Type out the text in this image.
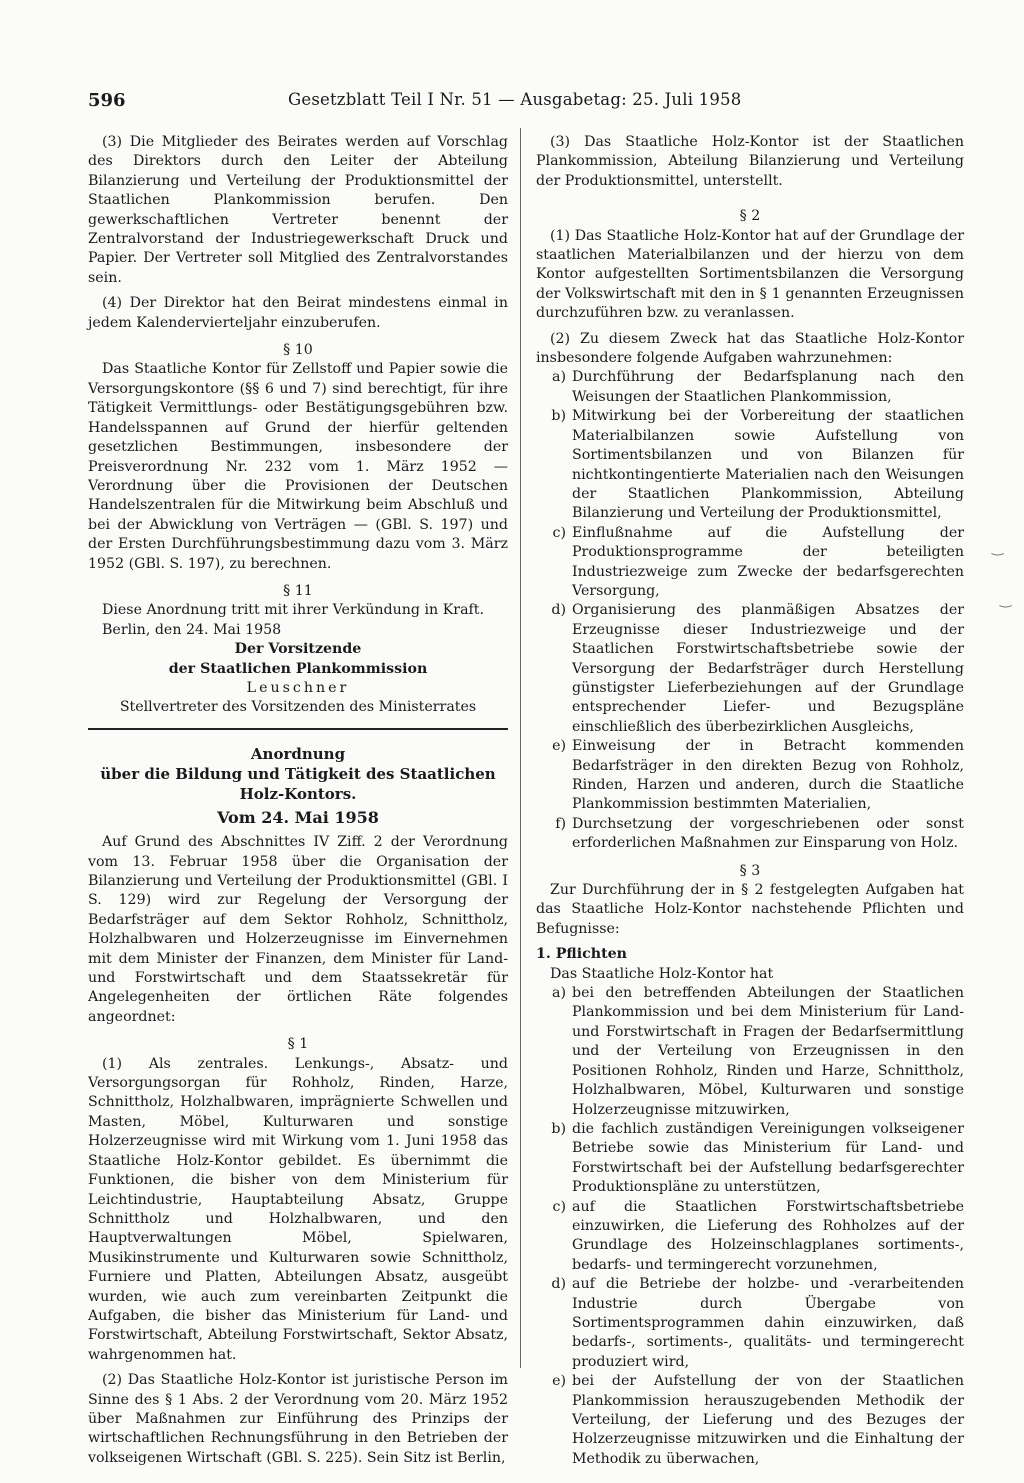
596	Gesetzblatt Teil I Nr. 51 — Ausgabetag: 25. Juli 1958

(3) Die Mitglieder des Beirates werden auf Vorschlag des Direktors durch den Leiter der Abteilung Bilanzierung und Verteilung der Produktionsmittel der Staatlichen Plankommission berufen. Den gewerkschaftlichen Vertreter benennt der Zentralvorstand der Industriegewerkschaft Druck und Papier. Der Vertreter soll Mitglied des Zentralvorstandes sein.

(4) Der Direktor hat den Beirat mindestens einmal in jedem Kalendervierteljahr einzuberufen.

§ 10

Das Staatliche Kontor für Zellstoff und Papier sowie die Versorgungskontore (§§ 6 und 7) sind berechtigt, für ihre Tätigkeit Vermittlungs- oder Bestätigungsgebühren bzw. Handelsspannen auf Grund der hierfür geltenden gesetzlichen Bestimmungen, insbesondere der Preisverordnung Nr. 232 vom 1. März 1952 — Verordnung über die Provisionen der Deutschen Handelszentralen für die Mitwirkung beim Abschluß und bei der Abwicklung von Verträgen — (GBl. S. 197) und der Ersten Durchführungsbestimmung dazu vom 3. März 1952 (GBl. S. 197), zu berechnen.

§ 11

Diese Anordnung tritt mit ihrer Verkündung in Kraft.

Berlin, den 24. Mai 1958

Der Vorsitzende

der Staatlichen Plankommission

Leuschner

Stellvertreter des Vorsitzenden des Ministerrates

Anordnung

über die Bildung und Tätigkeit des Staatlichen

Holz-Kontors.

Vom 24. Mai 1958

Auf Grund des Abschnittes IV Ziff. 2 der Verordnung vom 13. Februar 1958 über die Organisation der Bilanzierung und Verteilung der Produktionsmittel (GBl. I S. 129) wird zur Regelung der Versorgung der Bedarfsträger auf dem Sektor Rohholz, Schnittholz, Holzhalbwaren und Holzerzeugnisse im Einvernehmen mit dem Minister der Finanzen, dem Minister für Land- und Forstwirtschaft und dem Staatssekretär für Angelegenheiten der örtlichen Räte folgendes angeordnet:

§ 1

(1) Als zentrales. Lenkungs-, Absatz- und Versorgungsorgan für Rohholz, Rinden, Harze, Schnittholz, Holzhalbwaren, imprägnierte Schwellen und Masten, Möbel, Kulturwaren und sonstige Holzerzeugnisse wird mit Wirkung vom 1. Juni 1958 das Staatliche Holz-Kontor gebildet. Es übernimmt die Funktionen, die bisher von dem Ministerium für Leichtindustrie, Hauptabteilung Absatz, Gruppe Schnittholz und Holzhalbwaren, und den Hauptverwaltungen Möbel, Spielwaren, Musikinstrumente und Kulturwaren sowie Schnittholz, Furniere und Platten, Abteilungen Absatz, ausgeübt wurden, wie auch zum vereinbarten Zeitpunkt die Aufgaben, die bisher das Ministerium für Land- und Forstwirtschaft, Abteilung Forstwirtschaft, Sektor Absatz, wahrgenommen hat.

(2) Das Staatliche Holz-Kontor ist juristische Person im Sinne des § 1 Abs. 2 der Verordnung vom 20. März 1952 über Maßnahmen zur Einführung des Prinzips der wirtschaftlichen Rechnungsführung in den Betrieben der volkseigenen Wirtschaft (GBl. S. 225). Sein Sitz ist Berlin,

(3) Das Staatliche Holz-Kontor ist der Staatlichen Plankommission, Abteilung Bilanzierung und Verteilung der Produktionsmittel, unterstellt.

§ 2

(1) Das Staatliche Holz-Kontor hat auf der Grundlage der staatlichen Materialbilanzen und der hierzu von dem Kontor aufgestellten Sortimentsbilanzen die Versorgung der Volkswirtschaft mit den in § 1 genannten Erzeugnissen durchzuführen bzw. zu veranlassen.

(2) Zu diesem Zweck hat das Staatliche Holz-Kontor insbesondere folgende Aufgaben wahrzunehmen:

a) Durchführung der Bedarfsplanung nach den Weisungen der Staatlichen Plankommission,
b) Mitwirkung bei der Vorbereitung der staatlichen Materialbilanzen sowie Aufstellung von Sortimentsbilanzen und von Bilanzen für nichtkontingentierte Materialien nach den Weisungen der Staatlichen Plankommission, Abteilung Bilanzierung und Verteilung der Produktionsmittel,
c) Einflußnahme auf die Aufstellung der Produktionsprogramme der beteiligten Industriezweige zum Zwecke der bedarfsgerechten Versorgung,
d) Organisierung des planmäßigen Absatzes der Erzeugnisse dieser Industriezweige und der Staatlichen Forstwirtschaftsbetriebe sowie der Versorgung der Bedarfsträger durch Herstellung günstigster Lieferbeziehungen auf der Grundlage entsprechender Liefer- und Bezugspläne einschließlich des überbezirklichen Ausgleichs,
e) Einweisung der in Betracht kommenden Bedarfsträger in den direkten Bezug von Rohholz, Rinden, Harzen und anderen, durch die Staatliche Plankommission bestimmten Materialien,
f) Durchsetzung der vorgeschriebenen oder sonst erforderlichen Maßnahmen zur Einsparung von Holz.

§ 3

Zur Durchführung der in § 2 festgelegten Aufgaben hat das Staatliche Holz-Kontor nachstehende Pflichten und Befugnisse:

1. Pflichten

Das Staatliche Holz-Kontor hat

a) bei den betreffenden Abteilungen der Staatlichen Plankommission und bei dem Ministerium für Land- und Forstwirtschaft in Fragen der Bedarfsermittlung und der Verteilung von Erzeugnissen in den Positionen Rohholz, Rinden und Harze, Schnittholz, Holzhalbwaren, Möbel, Kulturwaren und sonstige Holzerzeugnisse mitzuwirken,
b) die fachlich zuständigen Vereinigungen volkseigener Betriebe sowie das Ministerium für Land- und Forstwirtschaft bei der Aufstellung bedarfsgerechter Produktionspläne zu unterstützen,
c) auf die Staatlichen Forstwirtschaftsbetriebe einzuwirken, die Lieferung des Rohholzes auf der Grundlage des Holzeinschlagplanes sortiments-, bedarfs- und termingerecht vorzunehmen,
d) auf die Betriebe der holzbe- und -verarbeitenden Industrie durch Übergabe von Sortimentsprogrammen dahin einzuwirken, daß bedarfs-, sortiments-, qualitäts- und termingerecht produziert wird,
e) bei der Aufstellung der von der Staatlichen Plankommission herauszugebenden Methodik der Verteilung, der Lieferung und des Bezuges der Holzerzeugnisse mitzuwirken und die Einhaltung der Methodik zu überwachen,
‿
‿
